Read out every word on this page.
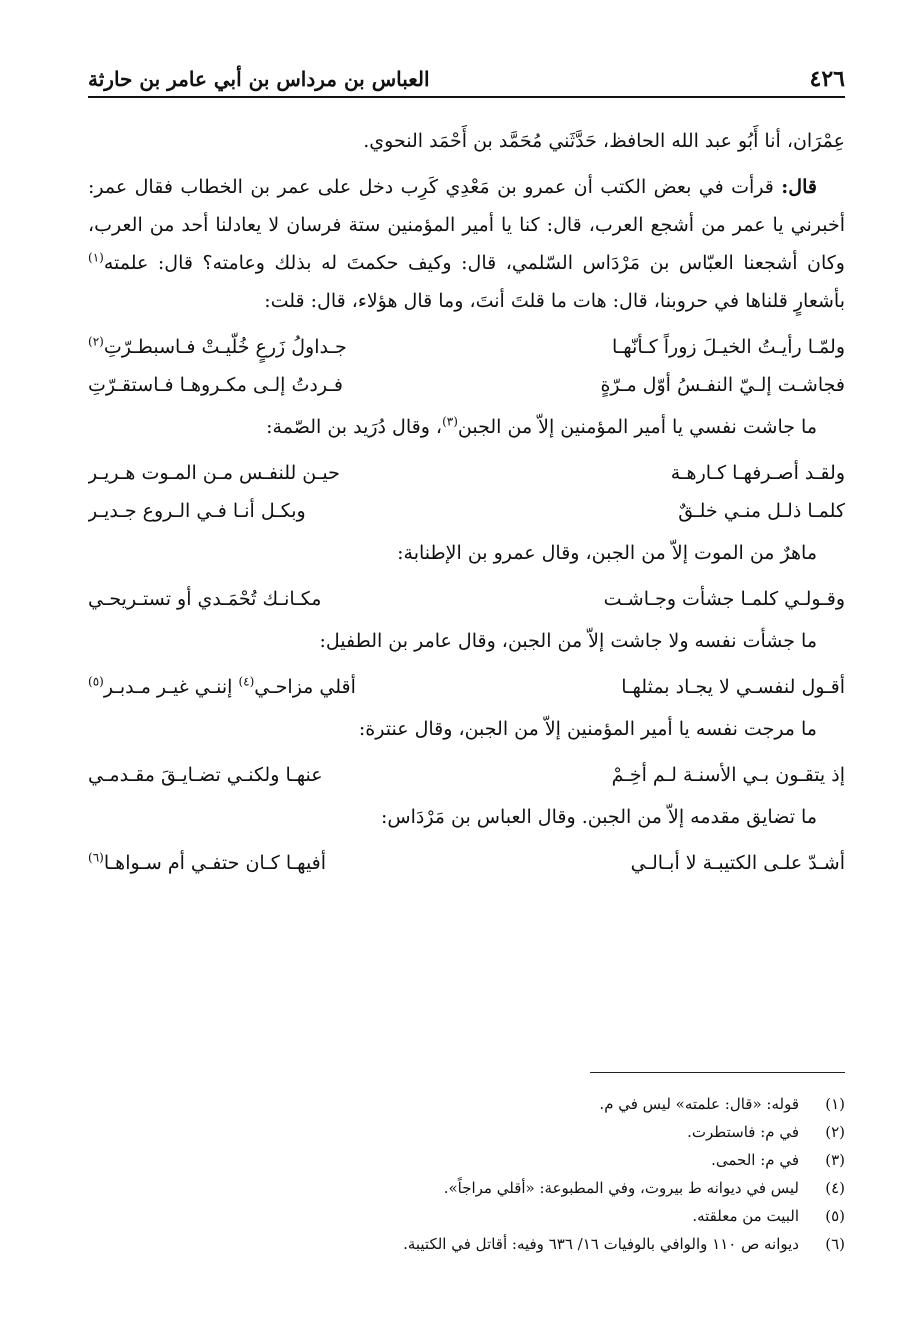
٤٢٦
العباس بن مرداس بن أبي عامر بن حارثة

عِمْرَان، أنا أَبُو عبد الله الحافظ، حَدَّثَني مُحَمَّد بن أَحْمَد النحوي.

قال: قرأت في بعض الكتب أن عمرو بن مَعْدِي كَرِب دخل على عمر بن الخطاب فقال عمر: أخبرني يا عمر من أشجع العرب، قال: كنا يا أمير المؤمنين ستة فرسان لا يعادلنا أحد من العرب، وكان أشجعنا العبّاس بن مَرْدَاس السّلمي، قال: وكيف حكمتَ له بذلك وعامته؟ قال: علمته$^{(١)}$ بأشعارٍ قلناها في حروبنا، قال: هات ما قلتَ أنتَ، وما قال هؤلاء، قال: قلت:

ولمّـا رأيـتُ الخيـلَ زوراً كـأنّهـا
جـداولُ زَرعٍ خُلّيـتْ فـاسبطـرّتِ$^{(٢)}$
فجاشـت إلـيّ النفـسُ أوّل مـرّةٍ
فـردتُ إلـى مكـروهـا فـاستقـرّتِ

ما جاشت نفسي يا أمير المؤمنين إلاّ من الجبن$^{(٣)}$، وقال دُرَيد بن الصّمة:

ولقـد أصـرفهـا كـارهـة
حيـن للنفـس مـن المـوت هـريـر
كلمـا ذلـل منـي خلـقٌ
وبكـل أنـا فـي الـروع جـديـر

ماهرٌ من الموت إلاّ من الجبن، وقال عمرو بن الإطنابة:

وقـولـي كلمـا جشأت وجـاشـت
مكـانـك تُحْمَـدي أو تستـريحـي

ما جشأت نفسه ولا جاشت إلاّ من الجبن، وقال عامر بن الطفيل:

أقـول لنفسـي لا يجـاد بمثلهـا
أقلي مزاحـي$^{(٤)}$ إننـي غيـر مـدبـر$^{(٥)}$

ما مرجت نفسه يا أمير المؤمنين إلاّ من الجبن، وقال عنترة:

إذ يتقـون بـي الأسنـة لـم أخِـمْ
عنهـا ولكنـي تضـايـقَ مقـدمـي

ما تضايق مقدمه إلاّ من الجبن. وقال العباس بن مَرْدَاس:

أشـدّ علـى الكتيبـة لا أبـالـي
أفيهـا كـان حتفـي أم سـواهـا$^{(٦)}$
(١)
قوله: «قال: علمته» ليس في م.
(٢)
في م: فاستطرت.
(٣)
في م: الحمى.
(٤)
ليس في ديوانه ط بيروت، وفي المطبوعة: «أقلي مراجاً».
(٥)
البيت من معلقته.
(٦)
ديوانه ص ١١٠ والوافي بالوفيات ١٦/ ٦٣٦ وفيه: أقاتل في الكتيبة.
